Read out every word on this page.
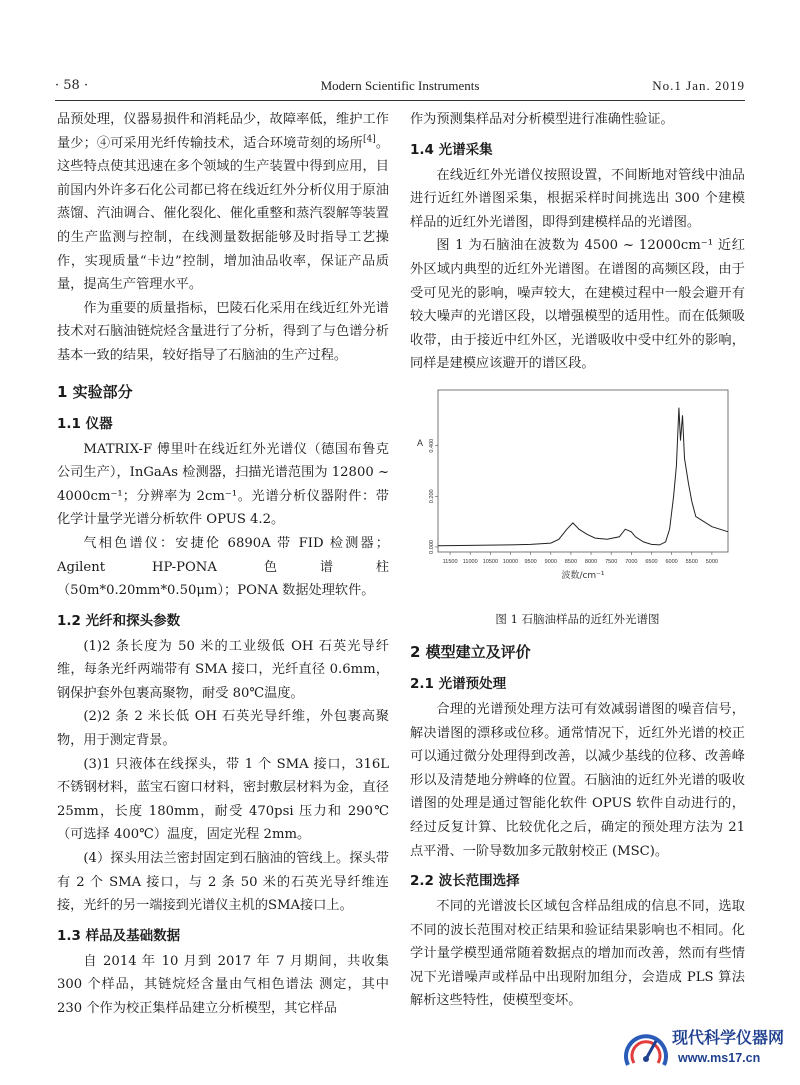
· 58 ·	Modern Scientific Instruments	No.1 Jan. 2019

品预处理，仪器易损件和消耗品少，故障率低，维护工作量少；④可采用光纤传输技术，适合环境苛刻的场所[4]。这些特点使其迅速在多个领域的生产装置中得到应用，目前国内外许多石化公司都已将在线近红外分析仪用于原油蒸馏、汽油调合、催化裂化、催化重整和蒸汽裂解等装置的生产监测与控制，在线测量数据能够及时指导工艺操作，实现质量“卡边”控制，增加油品收率，保证产品质量，提高生产管理水平。

作为重要的质量指标，巴陵石化采用在线近红外光谱技术对石脑油链烷烃含量进行了分析，得到了与色谱分析基本一致的结果，较好指导了石脑油的生产过程。

1 实验部分
1.1 仪器

MATRIX-F 傅里叶在线近红外光谱仪（德国布鲁克公司生产），InGaAs 检测器，扫描光谱范围为 12800 ~ 4000cm⁻¹；分辨率为 2cm⁻¹。光谱分析仪器附件：带化学计量学光谱分析软件 OPUS 4.2。

气相色谱仪：安捷伦 6890A 带 FID 检测器；Agilent HP-PONA 色谱柱（50m*0.20mm*0.50μm）；PONA 数据处理软件。

1.2 光纤和探头参数

(1)2 条长度为 50 米的工业级低 OH 石英光导纤维，每条光纤两端带有 SMA 接口，光纤直径 0.6mm，钢保护套外包裹高聚物，耐受 80℃温度。

(2)2 条 2 米长低 OH 石英光导纤维，外包裹高聚物，用于测定背景。

(3)1 只液体在线探头，带 1 个 SMA 接口，316L 不锈钢材料，蓝宝石窗口材料，密封敷层材料为金，直径 25mm，长度 180mm，耐受 470psi 压力和 290℃（可选择 400℃）温度，固定光程 2mm。

(4）探头用法兰密封固定到石脑油的管线上。探头带有 2 个 SMA 接口，与 2 条 50 米的石英光导纤维连接，光纤的另一端接到光谱仪主机的SMA接口上。

1.3 样品及基础数据

自 2014 年 10 月到 2017 年 7 月期间，共收集 300 个样品，其链烷烃含量由气相色谱法 测定，其中 230 个作为校正集样品建立分析模型，其它样品

作为预测集样品对分析模型进行准确性验证。

1.4 光谱采集

在线近红外光谱仪按照设置，不间断地对管线中油品进行近红外谱图采集，根据采样时间挑选出 300 个建模样品的近红外光谱图，即得到建模样品的光谱图。

图 1 为石脑油在波数为 4500 ~ 12000cm⁻¹ 近红外区域内典型的近红外光谱图。在谱图的高频区段，由于受可见光的影响，噪声较大，在建模过程中一般会避开有较大噪声的光谱区段，以增强模型的适用性。而在低频吸收带，由于接近中红外区，光谱吸收中受中红外的影响，同样是建模应该避开的谱区段。

11500 11000 10500 10000 9500 9000 8500 8000 7500 7000 6500 6000 5500 5000
0.000
0.200
0.400
A
波数/cm⁻¹
图 1 石脑油样品的近红外光谱图
2 模型建立及评价
2.1 光谱预处理

合理的光谱预处理方法可有效减弱谱图的噪音信号，解决谱图的漂移或位移。通常情况下，近红外光谱的校正可以通过微分处理得到改善，以减少基线的位移、改善峰形以及清楚地分辨峰的位置。石脑油的近红外光谱的吸收谱图的处理是通过智能化软件 OPUS 软件自动进行的，经过反复计算、比较优化之后，确定的预处理方法为 21 点平滑、一阶导数加多元散射校正 (MSC)。

2.2 波长范围选择

不同的光谱波长区域包含样品组成的信息不同，选取不同的波长范围对校正结果和验证结果影响也不相同。化学计量学模型通常随着数据点的增加而改善，然而有些情况下光谱噪声或样品中出现附加组分，会造成 PLS 算法解析这些特性，使模型变坏。

现代科学仪器网
www.ms17.cn
